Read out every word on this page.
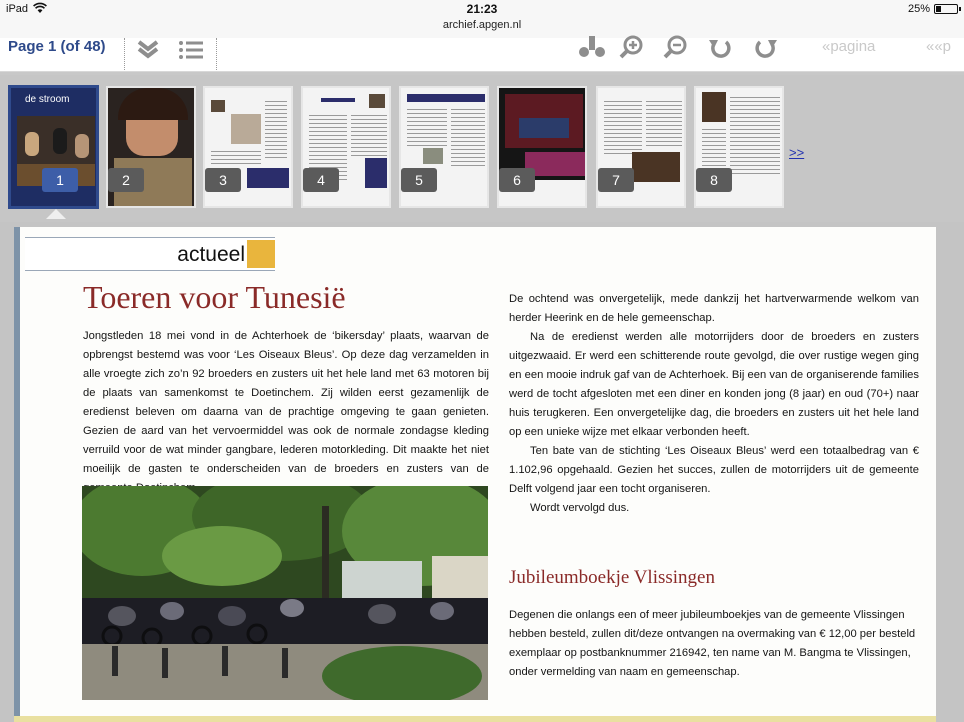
iPad	21:23
archief.apgen.nl
25%
Page 1 (of 48)	«pagina	««p
de stroom
1	2	3	4	5	6	7	8
>>
actueel
Toeren voor Tunesië
Jongstleden 18 mei vond in de Achterhoek de ‘bikersday’ plaats, waarvan de opbrengst bestemd was voor ‘Les Oiseaux Bleus’. Op deze dag verzamelden in alle vroegte zich zo’n 92 broeders en zusters uit het hele land met 63 motoren bij de plaats van samenkomst te Doetinchem. Zij wilden eerst gezamenlijk de eredienst beleven om daarna van de prachtige omgeving te gaan genieten. Gezien de aard van het vervoermiddel was ook de normale zondagse kleding verruild voor de wat minder gangbare, lederen motorkleding. Dit maakte het niet moeilijk de gasten te onderscheiden van de broeders en zusters van de

De ochtend was onvergetelijk, mede dankzij het hartverwarmende welkom van herder Heerink en de hele gemeenschap.

Na de eredienst werden alle motorrijders door de broeders en zusters uitgezwaaid. Er werd een schitterende route gevolgd, die over rustige wegen ging en een mooie indruk gaf van de Achterhoek. Bij een van de organiserende families werd de tocht afgesloten met een diner en konden jong (8 jaar) en oud (70+) naar huis terugkeren. Een onvergetelijke dag, die broeders en zusters uit het hele land op een unieke wijze met elkaar verbonden heeft.

Ten bate van de stichting ‘Les Oiseaux Bleus’ werd een totaalbedrag van € 1.102,96 opgehaald. Gezien het succes, zullen de motorrijders uit de gemeente Delft volgend jaar een tocht organiseren.

Wordt vervolgd dus.

Jubileumboekje Vlissingen
Degenen die onlangs een of meer jubileumboekjes van de gemeente Vlissingen hebben besteld, zullen dit/deze ontvangen na overmaking van € 12,00 per besteld exemplaar op postbanknummer 216942, ten name van M. Bangma te Vlissingen, onder vermelding van naam en gemeenschap.
